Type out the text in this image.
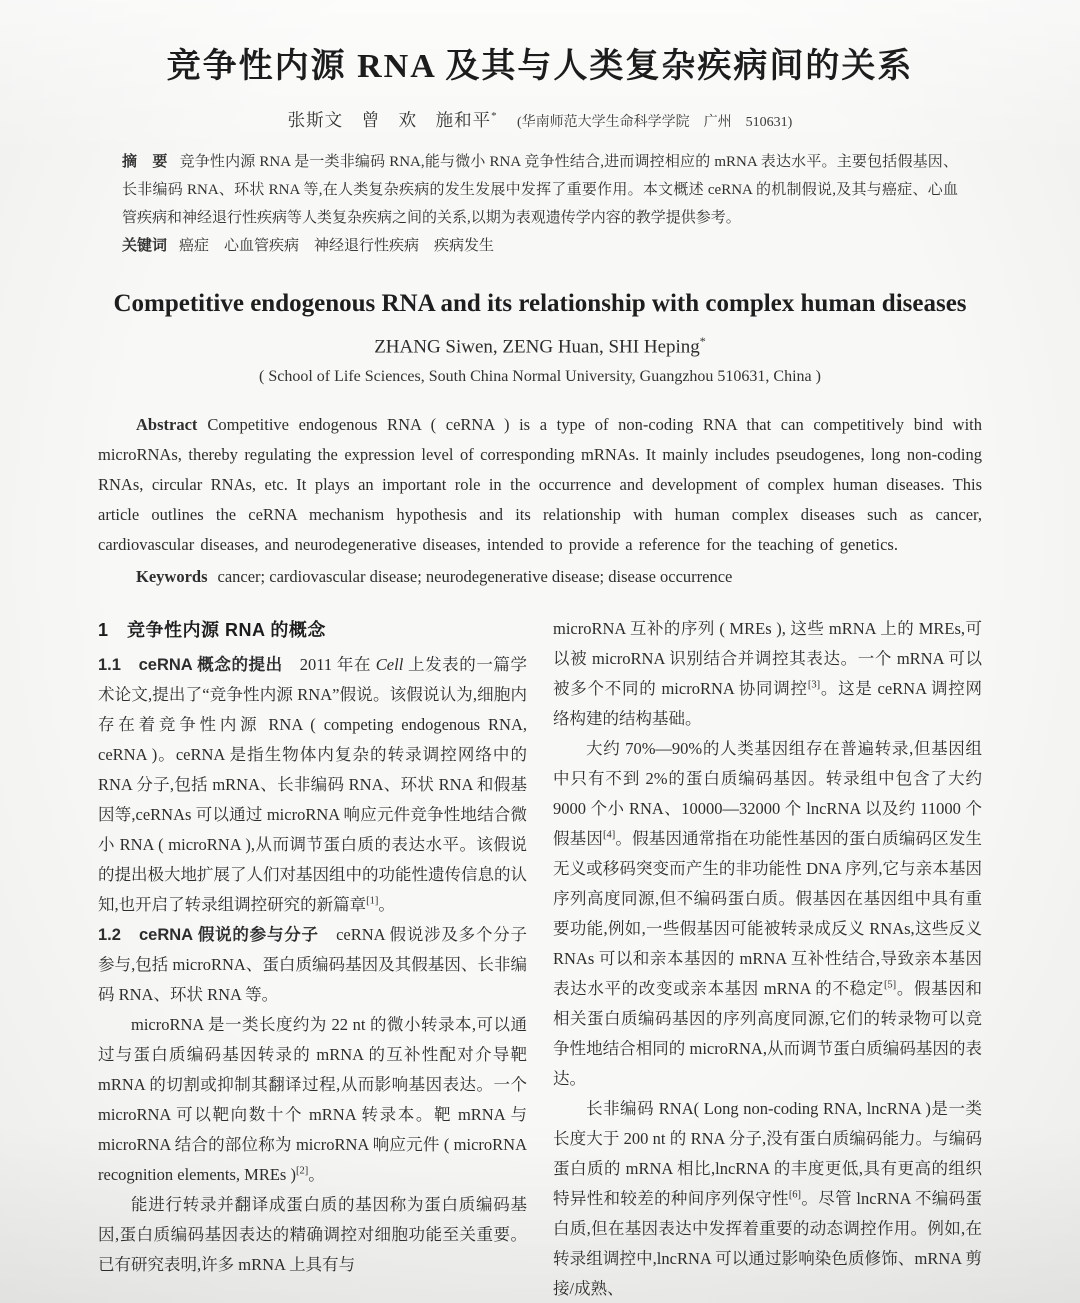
竞争性内源 RNA 及其与人类复杂疾病间的关系
张斯文　曾　欢　施和平* (华南师范大学生命科学学院　广州　510631)

摘　要 竞争性内源 RNA 是一类非编码 RNA,能与微小 RNA 竞争性结合,进而调控相应的 mRNA 表达水平。主要包括假基因、长非编码 RNA、环状 RNA 等,在人类复杂疾病的发生发展中发挥了重要作用。本文概述 ceRNA 的机制假说,及其与癌症、心血管疾病和神经退行性疾病等人类复杂疾病之间的关系,以期为表观遗传学内容的教学提供参考。

关键词 癌症　心血管疾病　神经退行性疾病　疾病发生

Competitive endogenous RNA and its relationship with complex human diseases
ZHANG Siwen, ZENG Huan, SHI Heping*
( School of Life Sciences, South China Normal University, Guangzhou 510631, China )

Abstract Competitive endogenous RNA ( ceRNA ) is a type of non-coding RNA that can competitively bind with microRNAs, thereby regulating the expression level of corresponding mRNAs. It mainly includes pseudogenes, long non-coding RNAs, circular RNAs, etc. It plays an important role in the occurrence and development of complex human diseases. This article outlines the ceRNA mechanism hypothesis and its relationship with human complex diseases such as cancer, cardiovascular diseases, and neurodegenerative diseases, intended to provide a reference for the teaching of genetics.

Keywords cancer; cardiovascular disease; neurodegenerative disease; disease occurrence

1　竞争性内源 RNA 的概念

1.1　ceRNA 概念的提出　2011 年在 Cell 上发表的一篇学术论文,提出了“竞争性内源 RNA”假说。该假说认为,细胞内存在着竞争性内源 RNA ( competing endogenous RNA, ceRNA )。ceRNA 是指生物体内复杂的转录调控网络中的 RNA 分子,包括 mRNA、长非编码 RNA、环状 RNA 和假基因等,ceRNAs 可以通过 microRNA 响应元件竞争性地结合微小 RNA ( microRNA ),从而调节蛋白质的表达水平。该假说的提出极大地扩展了人们对基因组中的功能性遗传信息的认知,也开启了转录组调控研究的新篇章[1]。

1.2　ceRNA 假说的参与分子　ceRNA 假说涉及多个分子参与,包括 microRNA、蛋白质编码基因及其假基因、长非编码 RNA、环状 RNA 等。

microRNA 是一类长度约为 22 nt 的微小转录本,可以通过与蛋白质编码基因转录的 mRNA 的互补性配对介导靶 mRNA 的切割或抑制其翻译过程,从而影响基因表达。一个 microRNA 可以靶向数十个 mRNA 转录本。靶 mRNA 与 microRNA 结合的部位称为 microRNA 响应元件 ( microRNA recognition elements, MREs )[2]。

能进行转录并翻译成蛋白质的基因称为蛋白质编码基因,蛋白质编码基因表达的精确调控对细胞功能至关重要。已有研究表明,许多 mRNA 上具有与

microRNA 互补的序列 ( MREs ), 这些 mRNA 上的 MREs,可以被 microRNA 识别结合并调控其表达。一个 mRNA 可以被多个不同的 microRNA 协同调控[3]。这是 ceRNA 调控网络构建的结构基础。

大约 70%—90%的人类基因组存在普遍转录,但基因组中只有不到 2%的蛋白质编码基因。转录组中包含了大约 9000 个小 RNA、10000—32000 个 lncRNA 以及约 11000 个假基因[4]。假基因通常指在功能性基因的蛋白质编码区发生无义或移码突变而产生的非功能性 DNA 序列,它与亲本基因序列高度同源,但不编码蛋白质。假基因在基因组中具有重要功能,例如,一些假基因可能被转录成反义 RNAs,这些反义 RNAs 可以和亲本基因的 mRNA 互补性结合,导致亲本基因表达水平的改变或亲本基因 mRNA 的不稳定[5]。假基因和相关蛋白质编码基因的序列高度同源,它们的转录物可以竞争性地结合相同的 microRNA,从而调节蛋白质编码基因的表达。

长非编码 RNA( Long non-coding RNA, lncRNA )是一类长度大于 200 nt 的 RNA 分子,没有蛋白质编码能力。与编码蛋白质的 mRNA 相比,lncRNA 的丰度更低,具有更高的组织特异性和较差的种间序列保守性[6]。尽管 lncRNA 不编码蛋白质,但在基因表达中发挥着重要的动态调控作用。例如,在转录组调控中,lncRNA 可以通过影响染色质修饰、mRNA 剪接/成熟、
